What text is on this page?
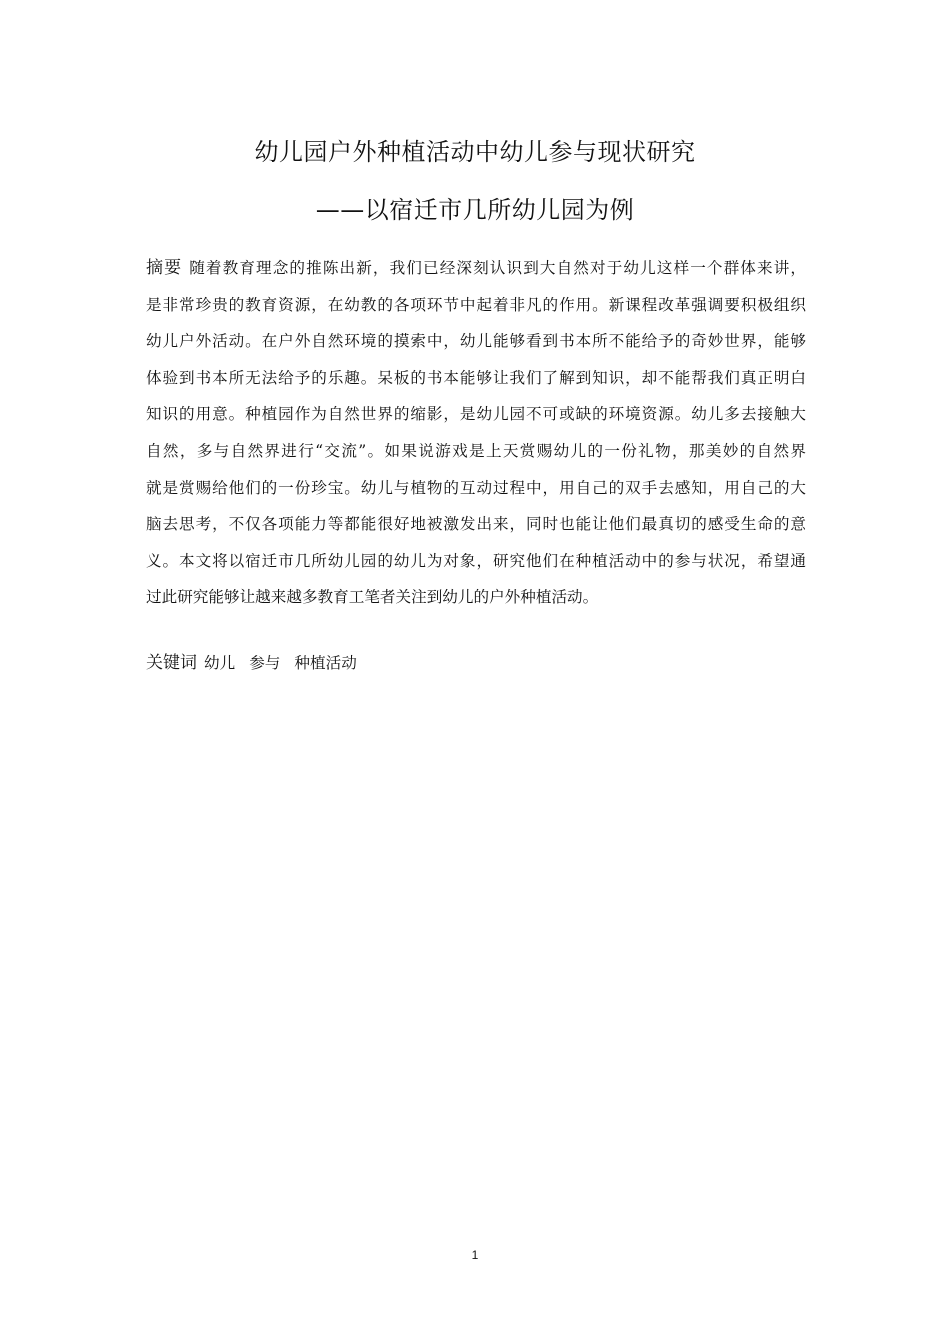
幼儿园户外种植活动中幼儿参与现状研究
——以宿迁市几所幼儿园为例
摘要 随着教育理念的推陈出新，我们已经深刻认识到大自然对于幼儿这样一个群体来讲，
是非常珍贵的教育资源，在幼教的各项环节中起着非凡的作用。新课程改革强调要积极组织
幼儿户外活动。在户外自然环境的摸索中，幼儿能够看到书本所不能给予的奇妙世界，能够
体验到书本所无法给予的乐趣。呆板的书本能够让我们了解到知识，却不能帮我们真正明白
知识的用意。种植园作为自然世界的缩影，是幼儿园不可或缺的环境资源。幼儿多去接触大
自然，多与自然界进行“交流”。如果说游戏是上天赏赐幼儿的一份礼物，那美妙的自然界
就是赏赐给他们的一份珍宝。幼儿与植物的互动过程中，用自己的双手去感知，用自己的大
脑去思考，不仅各项能力等都能很好地被激发出来，同时也能让他们最真切的感受生命的意
义。本文将以宿迁市几所幼儿园的幼儿为对象，研究他们在种植活动中的参与状况，希望通
过此研究能够让越来越多教育工笔者关注到幼儿的户外种植活动。
关键词 幼儿 参与 种植活动
1
